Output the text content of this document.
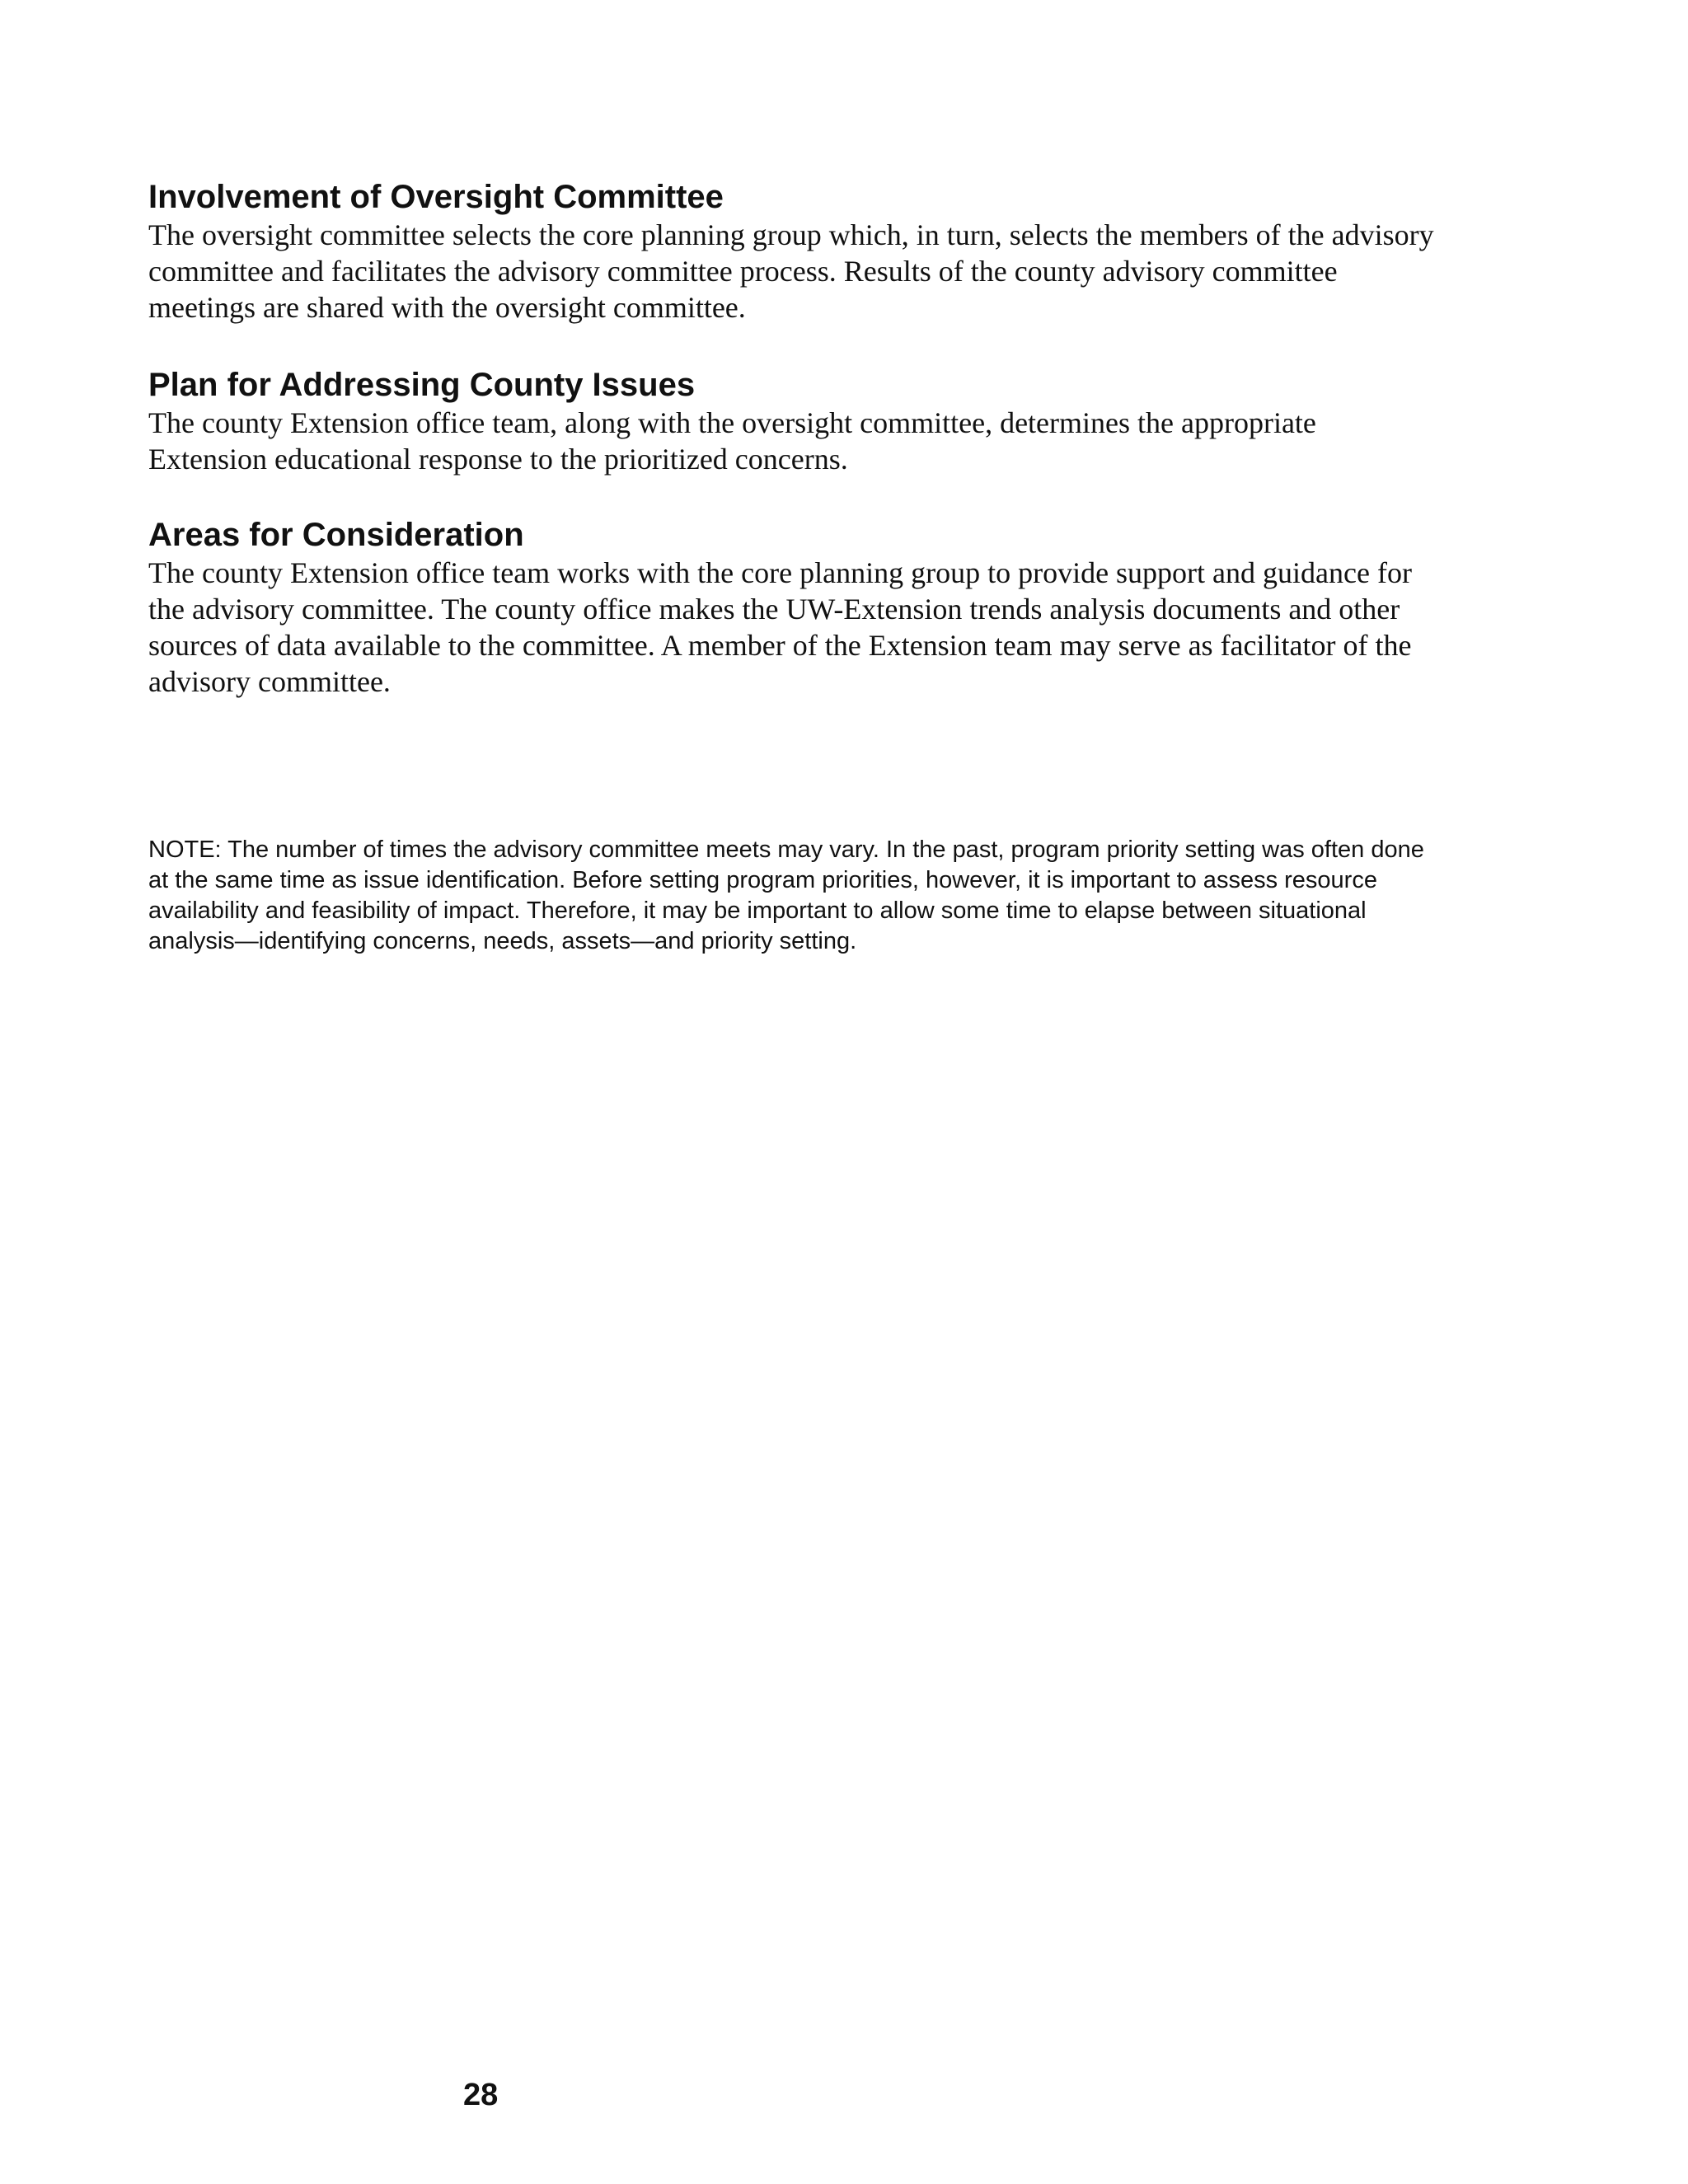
Involvement of Oversight Committee

The oversight committee selects the core planning group which, in turn, selects the members of the advisory committee and facilitates the advisory committee process. Results of the county advisory committee meetings are shared with the oversight committee.

Plan for Addressing County Issues

The county Extension office team, along with the oversight committee, determines the appropriate Extension educational response to the prioritized concerns.

Areas for Consideration

The county Extension office team works with the core planning group to provide support and guidance for the advisory committee. The county office makes the UW-Extension trends analysis documents and other sources of data available to the committee. A member of the Extension team may serve as facilitator of the advisory committee.

NOTE: The number of times the advisory committee meets may vary. In the past, program priority setting was often done at the same time as issue identification. Before setting program priorities, however, it is important to assess resource availability and feasibility of impact. Therefore, it may be important to allow some time to elapse between situational analysis—identifying concerns, needs, assets—and priority setting.

28
